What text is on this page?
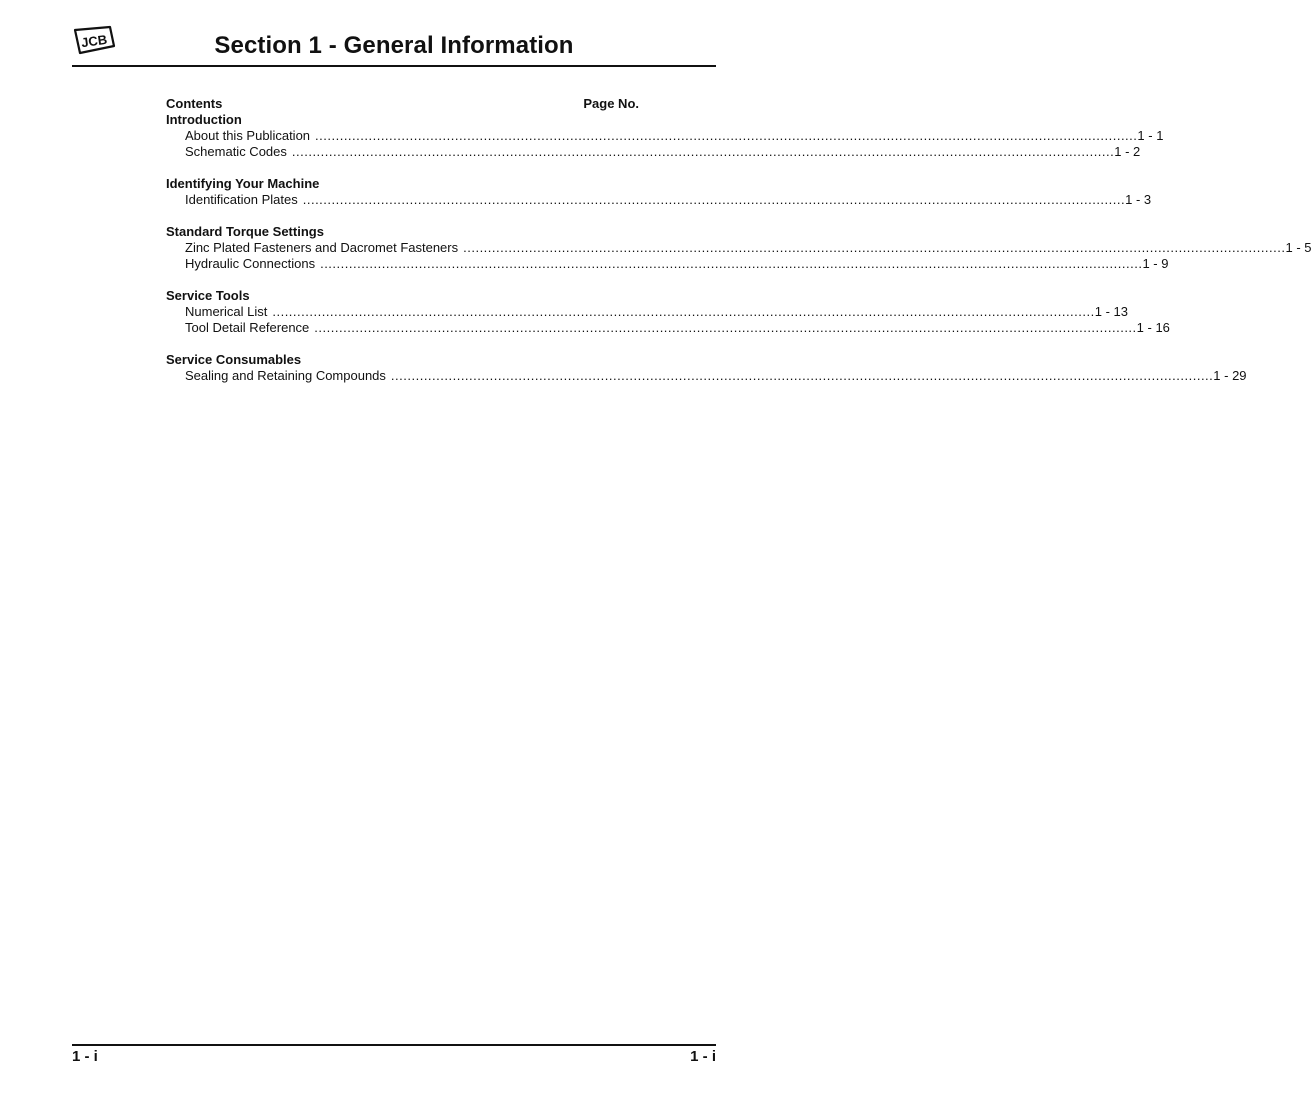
JCB	Section 1 - General Information
Contents	Page No.
Introduction
About this Publication ........................................................................................................................................................................................................ 1 - 1
Schematic Codes ........................................................................................................................................................................................................ 1 - 2
Identifying Your Machine
Identification Plates ........................................................................................................................................................................................................ 1 - 3
Standard Torque Settings
Zinc Plated Fasteners and Dacromet Fasteners ........................................................................................................................................................................................................ 1 - 5
Hydraulic Connections ........................................................................................................................................................................................................ 1 - 9
Service Tools
Numerical List ........................................................................................................................................................................................................ 1 - 13
Tool Detail Reference ........................................................................................................................................................................................................ 1 - 16
Service Consumables
Sealing and Retaining Compounds ........................................................................................................................................................................................................ 1 - 29
1 - i	1 - i
